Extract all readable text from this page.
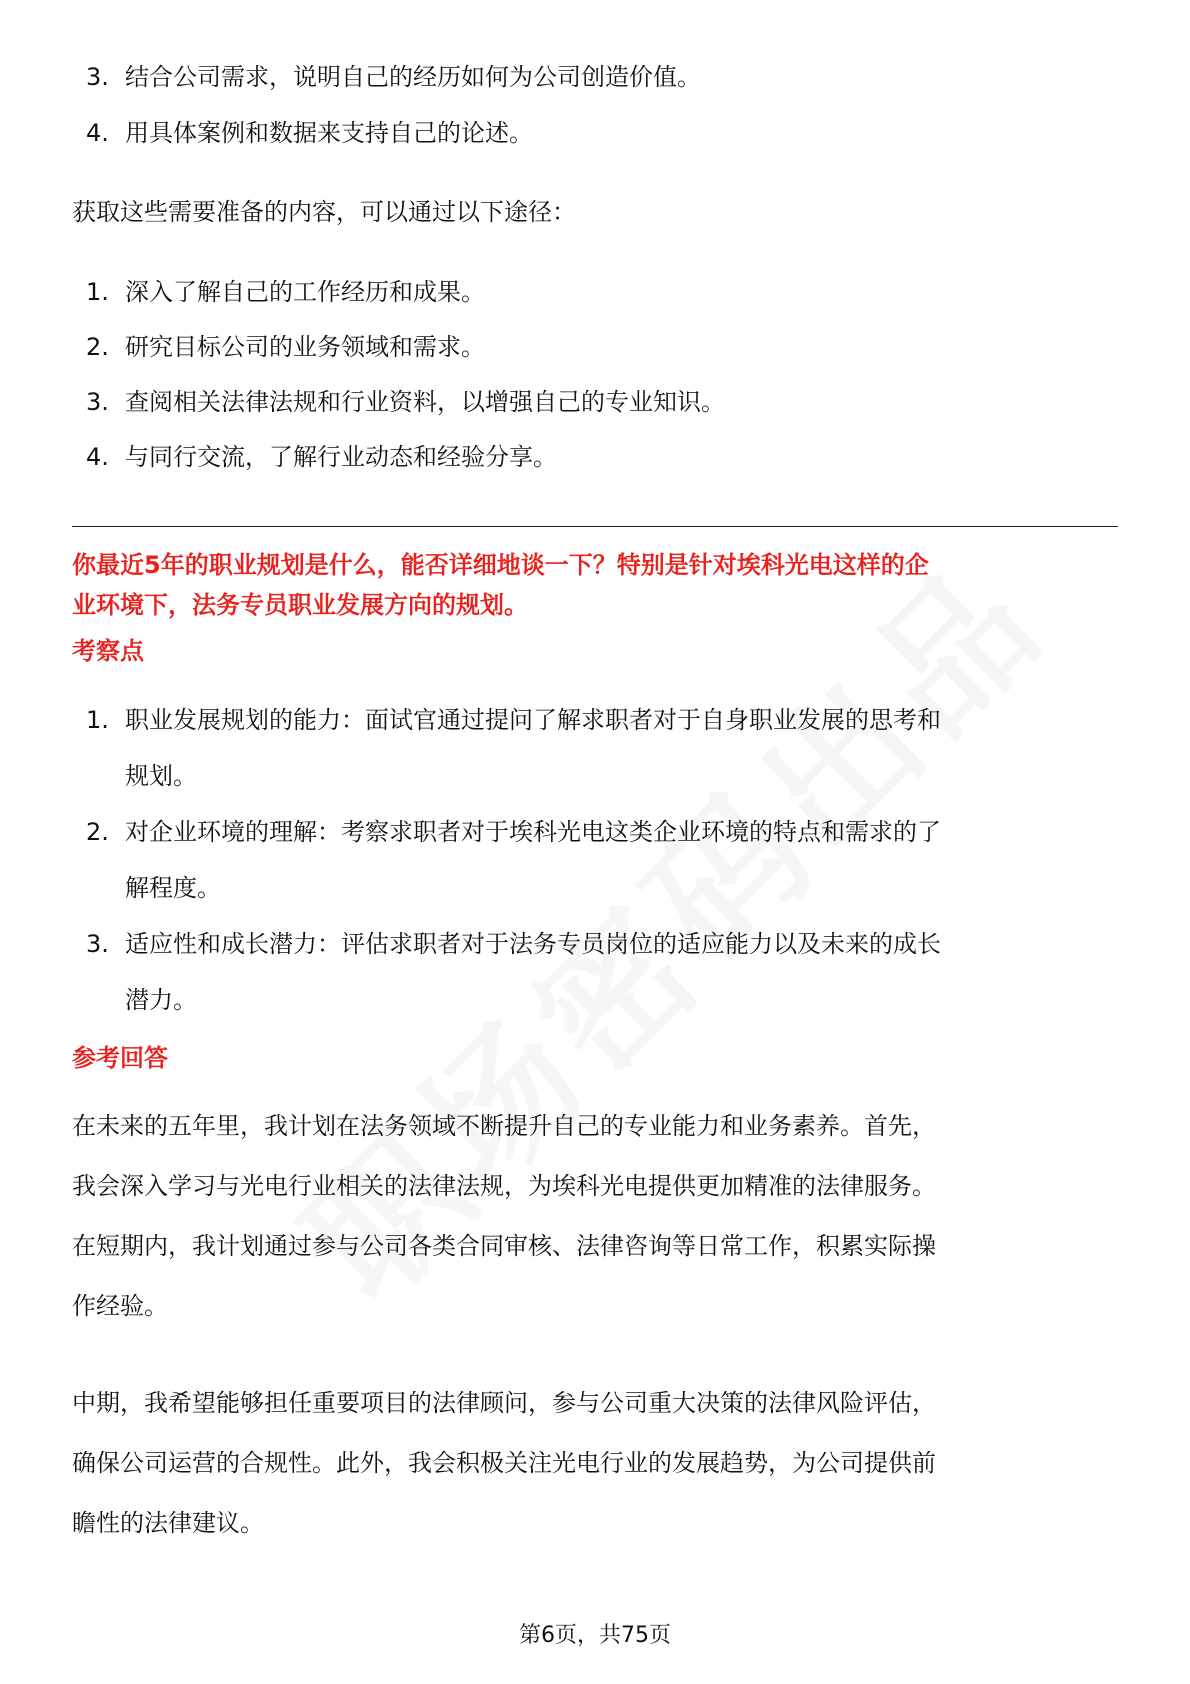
3. 结合公司需求，说明自己的经历如何为公司创造价值。
4. 用具体案例和数据来支持自己的论述。

获取这些需要准备的内容，可以通过以下途径：

1. 深入了解自己的工作经历和成果。
2. 研究目标公司的业务领域和需求。
3. 查阅相关法律法规和行业资料，以增强自己的专业知识。
4. 与同行交流，了解行业动态和经验分享。
你最近5年的职业规划是什么，能否详细地谈一下？特别是针对埃科光电这样的企
业环境下，法务专员职业发展方向的规划。
考察点
1. 职业发展规划的能力：面试官通过提问了解求职者对于自身职业发展的思考和
规划。
2. 对企业环境的理解：考察求职者对于埃科光电这类企业环境的特点和需求的了
解程度。
3. 适应性和成长潜力：评估求职者对于法务专员岗位的适应能力以及未来的成长
潜力。
参考回答

在未来的五年里，我计划在法务领域不断提升自己的专业能力和业务素养。首先，

我会深入学习与光电行业相关的法律法规，为埃科光电提供更加精准的法律服务。

在短期内，我计划通过参与公司各类合同审核、法律咨询等日常工作，积累实际操

作经验。

中期，我希望能够担任重要项目的法律顾问，参与公司重大决策的法律风险评估，

确保公司运营的合规性。此外，我会积极关注光电行业的发展趋势，为公司提供前

瞻性的法律建议。

第6页，共75页
